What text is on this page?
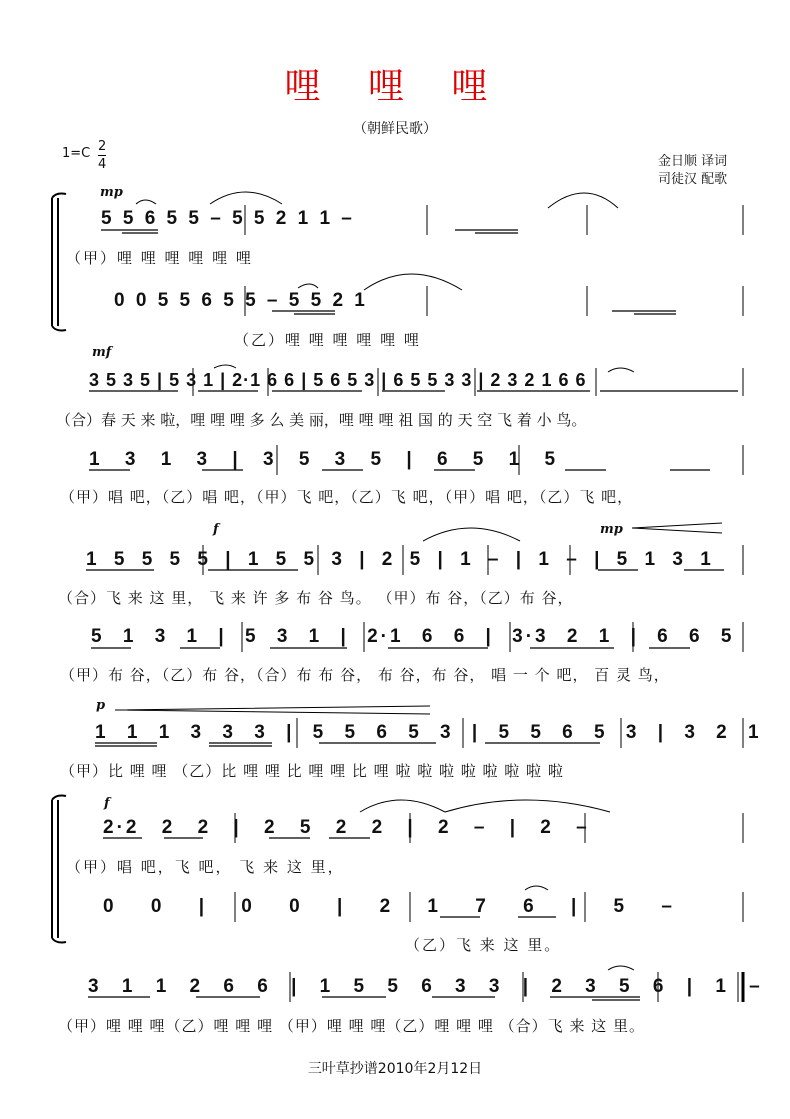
哩 哩 哩
（朝鲜民歌）
1=C 2
4	金日顺 译词
司徒汉 配歌
mp
mf
f	mp
p
f
5 5 6 5 5 – 5 5 2 1 1 –
（甲）哩 哩 哩 哩 哩 哩
0 0 5 5 6 5 5 – 5 5 2 1
（乙）哩 哩 哩 哩 哩 哩
3 5 3 5 | 5 3 1 | 2·1 6 6 | 5 6 5 3 | 6 5 5 3 3 | 2 3 2 1 6 6
（合）春 天 来 啦，哩 哩 哩 多 么 美 丽，哩 哩 哩 祖 国 的 天 空 飞 着 小 鸟。
1 3 1 3 | 3 5 3 5 | 6 5 1 5
（甲）唱 吧，（乙）唱 吧，（甲）飞 吧，（乙）飞 吧，（甲）唱 吧，（乙）飞 吧，
1 5 5 5 5 | 1 5 5 3 | 2 5 | 1 – | 1 – | 5 1 3 1
（合）飞 来 这 里， 飞 来 许 多 布 谷 鸟。 （甲）布 谷，（乙）布 谷，
5 1 3 1 | 5 3 1 | 2·1 6 6 | 3·3 2 1 | 6 6 5
（甲）布 谷，（乙）布 谷，（合）布 布 谷， 布 谷，布 谷， 唱 一 个 吧， 百 灵 鸟，
1 1 1 3 3 3 | 5 5 6 5 3 | 5 5 6 5 3 | 3 2 1
（甲）比 哩 哩 （乙）比 哩 哩 比 哩 哩 比 哩 啦 啦 啦 啦 啦 啦 啦 啦
2·2 2 2 | 2 5 2 2 | 2 – | 2 –
（甲）唱 吧，飞 吧， 飞 来 这 里，
0 0 | 0 0 | 2 1 7 6 | 5 –
（乙）飞 来 这 里。
3 1 1 2 6 6 | 1 5 5 6 3 3 | 2 3 5 6 | 1 –
（甲）哩 哩 哩（乙）哩 哩 哩 （甲）哩 哩 哩（乙）哩 哩 哩 （合）飞 来 这 里。
三叶草抄谱2010年2月12日
